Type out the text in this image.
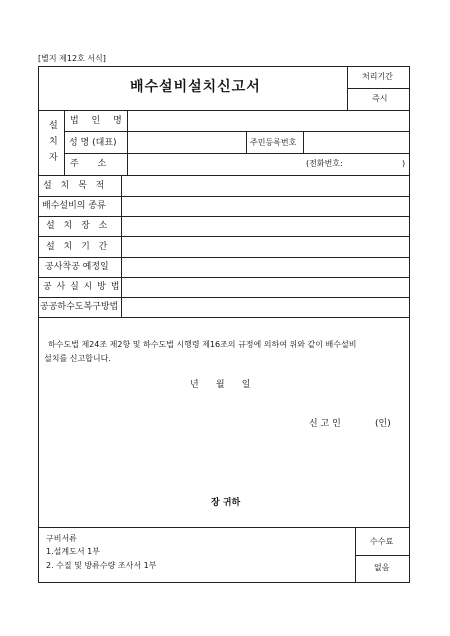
[별지 제12호 서식]
배수설비설치신고서
처리기간
즉시
설
치
자
법 인 명
성 명 (대표)	주민등록번호
주 소	(전화번호:	)
설 치 목 적
배수설비의 종류
설 치 장 소
설 치 기 간
공사착공 예정일
공 사 실 시 방 법
공공하수도복구방법
하수도법 제24조 제2항 및 하수도법 시행령 제16조의 규정에 의하여 위와 같이 배수설비
설치를 신고합니다.
년      월      일
신 고 인	(인)
장 귀하
구비서류
1.설계도서 1부
2. 수질 및 방류수량 조사서 1부
수수료
없음
